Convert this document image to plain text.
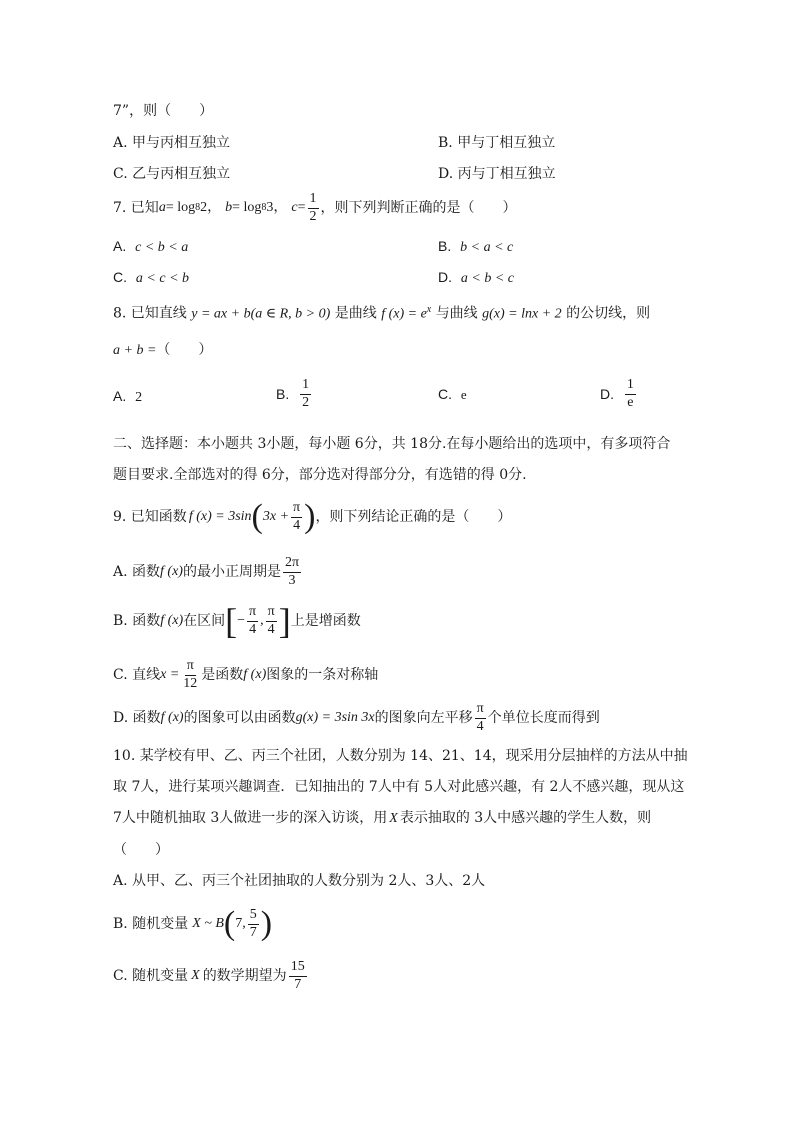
7”，则（　　）
A. 甲与丙相互独立	B. 甲与丁相互独立
C. 乙与丙相互独立	D. 丙与丁相互独立
7. 已知 a = log 8 2， b = log 8 3， $c = \frac{1}{2}$ ，则下列判断正确的是（　　）
A. c < b < a	B. b < a < c
C. a < c < b	D. a < b < c
8. 已知直线 y = ax + b(a ∈ R, b > 0) 是曲线 f $(x) = e^x$ 与曲线 g(x) = lnx + 2 的公切线，则
a + b =（　　）
A. 2	B.
$\frac{1}{2}$	C. e	D.
$\frac{1}{e}$
二、选择题：本小题共 3小题，每小题 6分，共 18分.在每小题给出的选项中，有多项符合
题目要求.全部选对的得 6分，部分选对得部分分，有选错的得 0分.
9. 已知函数 f (x) = 3sin ( $3x + \frac{\pi}{4}$ ) ，则下列结论正确的是（　　）
A. 函数 f (x) 的最小正周期是 $\frac{2\pi}{3}$
B. 函数 f (x) 在区间 [ − $\frac{\pi}{4}$ , $\frac{\pi}{4}$ ] 上是增函数
C. 直线 $x = \frac{\pi}{12}$ 是函数 f (x) 图象的一条对称轴
D. 函数 f (x) 的图象可以由函数 g(x) = 3sin 3x 的图象向左平移 $\frac{\pi}{4}$ 个单位长度而得到
10. 某学校有甲、乙、丙三个社团，人数分别为 14、21、14，现采用分层抽样的方法从中抽
取 7人，进行某项兴趣调查．已知抽出的 7人中有 5人对此感兴趣，有 2人不感兴趣，现从这
7人中随机抽取 3人做进一步的深入访谈，用 X 表示抽取的 3人中感兴趣的学生人数，则
（　　）
A. 从甲、乙、丙三个社团抽取的人数分别为 2人、3人、2人
B. 随机变量 X ~ B ( 7, $\frac{5}{7}$ )
C. 随机变量 X 的数学期望为 $\frac{15}{7}$
